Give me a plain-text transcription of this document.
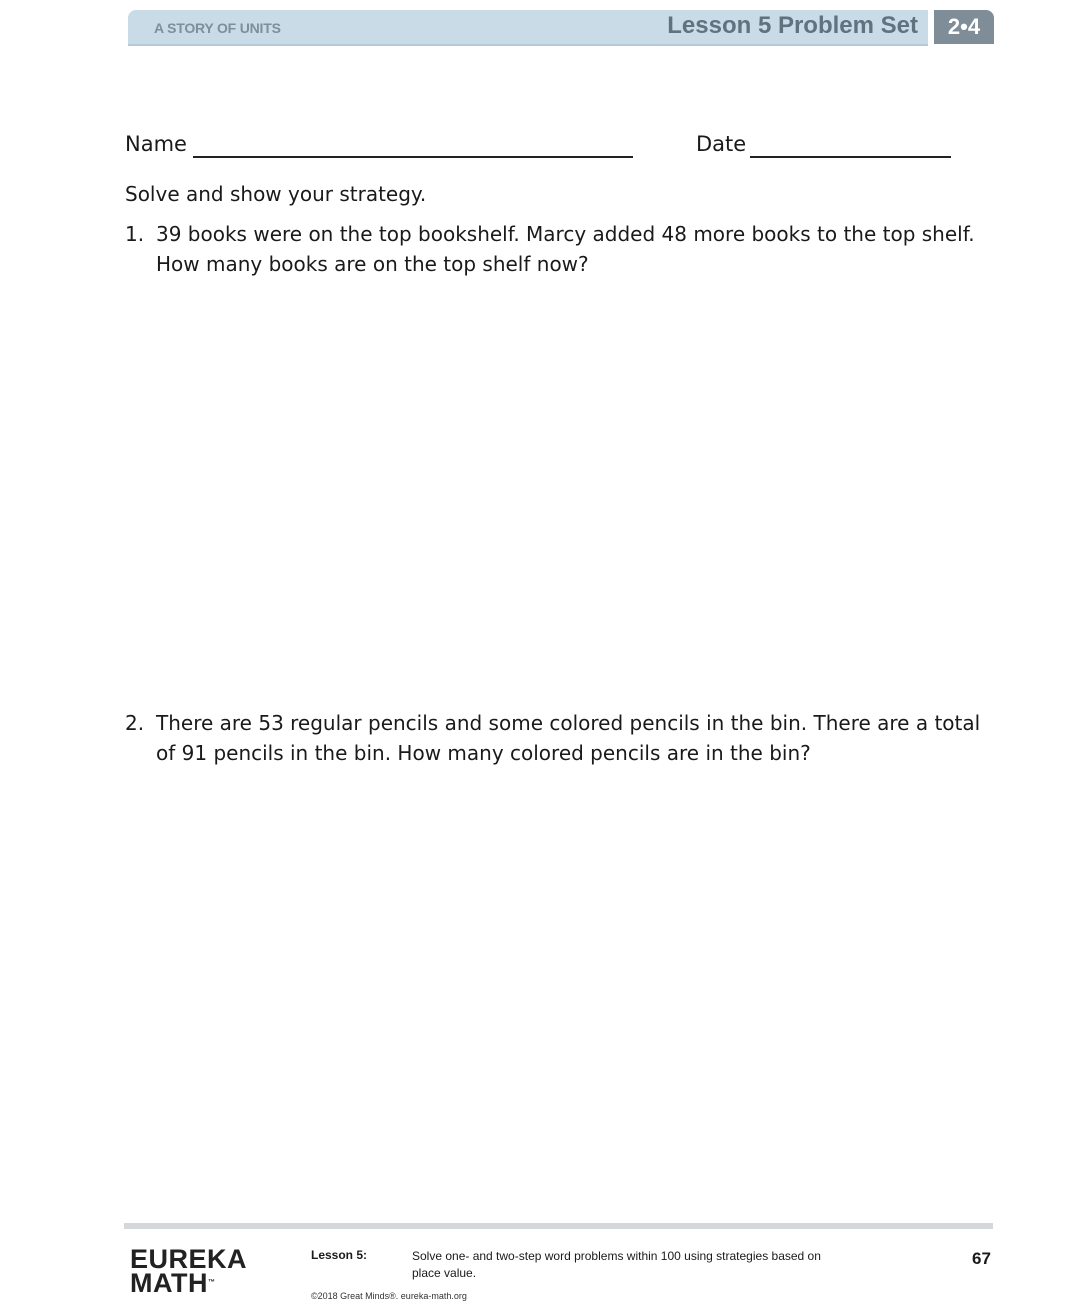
A STORY OF UNITS	Lesson 5 Problem Set	2•4
Name	Date
Solve and show your strategy.
1. 39 books were on the top bookshelf. Marcy added 48 more books to the top shelf. How many books are on the top shelf now?
2. There are 53 regular pencils and some colored pencils in the bin. There are a total of 91 pencils in the bin. How many colored pencils are in the bin?
EUREKA
MATH™
Lesson 5:	Solve one- and two-step word problems within 100 using strategies based on place value.
67
©2018 Great Minds®. eureka-math.org
